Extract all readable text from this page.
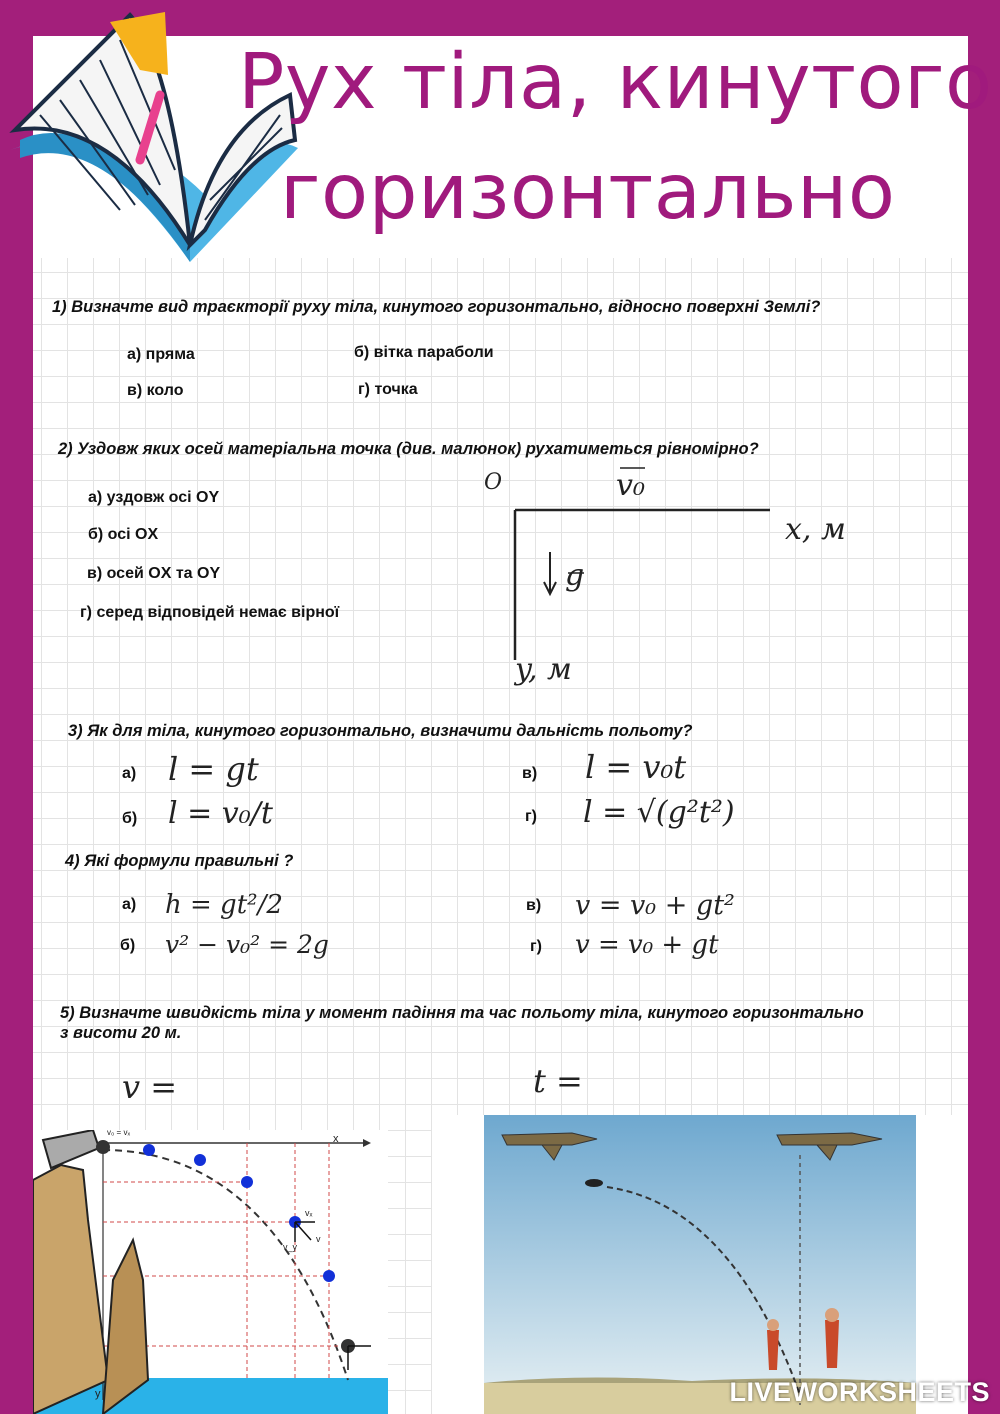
Рух тіла, кинутого
горизонтально
1) Визначте вид траєкторії руху тіла, кинутого горизонтально, відносно поверхні Землі?
а) пряма	б) вітка параболи
в) коло	г) точка
2) Уздовж яких осей матеріальна точка (див. малюнок) рухатиметься рівномірно?
а) уздовж осі OY
б) осі OX
в) осей OX та OY
г) серед відповідей немає вірної
O	v₀
g
x, м
y, м
3) Як для тіла, кинутого горизонтально, визначити дальність польоту?
а) l = gt
б) l = v₀/t
в) l = v₀t
г) l = √(g²t²)
4) Які формули правильні ?
а) h = gt²/2
б) v² − v₀² = 2g
в) v = v₀ + gt²
г) v = v₀ + gt
5) Визначте швидкість тіла у момент падіння та час польоту тіла, кинутого горизонтально
з висоти 20 м.
v =	t =
x
y
v₀ = vₓ
vₓ
v_y
v
LIVEWORKSHEETS
